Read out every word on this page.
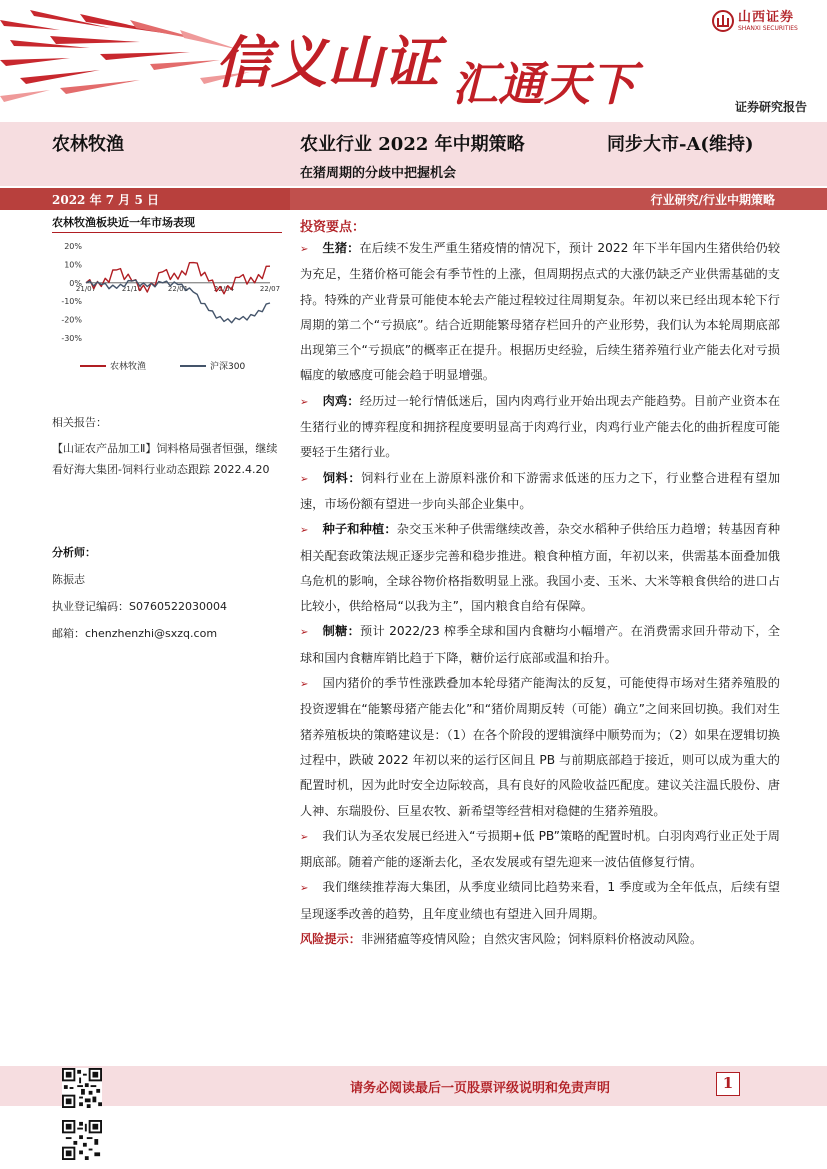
信义山证 汇通天下
山西证券
SHANXI SECURITIES
证券研究报告
农林牧渔	农业行业 2022 年中期策略	同步大市-A(维持)
在猪周期的分歧中把握机会
2022 年 7 月 5 日	行业研究/行业中期策略
农林牧渔板块近一年市场表现
20%
10%
0%
-10%
-20%
-30%
21/07	21/10	22/01	22/04	22/07
农林牧渔	沪深300
相关报告：
【山证农产品加工Ⅱ】饲料格局强者恒强，继续看好海大集团-饲料行业动态跟踪 2022.4.20
分析师：
陈振志
执业登记编码：S0760522030004
邮箱：chenzhenzhi@sxzq.com
投资要点：
➢ 生猪：在后续不发生严重生猪疫情的情况下，预计 2022 年下半年国内生猪供给仍较为充足，生猪价格可能会有季节性的上涨，但周期拐点式的大涨仍缺乏产业供需基础的支持。特殊的产业背景可能使本轮去产能过程较过往周期复杂。年初以来已经出现本轮下行周期的第二个“亏损底”。结合近期能繁母猪存栏回升的产业形势，我们认为本轮周期底部出现第三个“亏损底”的概率正在提升。根据历史经验，后续生猪养殖行业产能去化对亏损幅度的敏感度可能会趋于明显增强。
➢ 肉鸡：经历过一轮行情低迷后，国内肉鸡行业开始出现去产能趋势。目前产业资本在生猪行业的博弈程度和拥挤程度要明显高于肉鸡行业，肉鸡行业产能去化的曲折程度可能要轻于生猪行业。
➢ 饲料：饲料行业在上游原料涨价和下游需求低迷的压力之下，行业整合进程有望加速，市场份额有望进一步向头部企业集中。
➢ 种子和种植：杂交玉米种子供需继续改善，杂交水稻种子供给压力趋增；转基因育种相关配套政策法规正逐步完善和稳步推进。粮食种植方面，年初以来，供需基本面叠加俄乌危机的影响，全球谷物价格指数明显上涨。我国小麦、玉米、大米等粮食供给的进口占比较小，供给格局“以我为主”，国内粮食自给有保障。
➢ 制糖：预计 2022/23 榨季全球和国内食糖均小幅增产。在消费需求回升带动下，全球和国内食糖库销比趋于下降，糖价运行底部或温和抬升。
➢ 国内猪价的季节性涨跌叠加本轮母猪产能淘汰的反复，可能使得市场对生猪养殖股的投资逻辑在“能繁母猪产能去化”和“猪价周期反转（可能）确立”之间来回切换。我们对生猪养殖板块的策略建议是：（1）在各个阶段的逻辑演绎中顺势而为；（2）如果在逻辑切换过程中，跌破 2022 年初以来的运行区间且 PB 与前期底部趋于接近，则可以成为重大的配置时机，因为此时安全边际较高，具有良好的风险收益匹配度。建议关注温氏股份、唐人神、东瑞股份、巨星农牧、新希望等经营相对稳健的生猪养殖股。
➢ 我们认为圣农发展已经进入“亏损期+低 PB”策略的配置时机。白羽肉鸡行业正处于周期底部。随着产能的逐渐去化，圣农发展或有望先迎来一波估值修复行情。
➢ 我们继续推荐海大集团，从季度业绩同比趋势来看，1 季度或为全年低点，后续有望呈现逐季改善的趋势，且年度业绩也有望进入回升周期。
风险提示：非洲猪瘟等疫情风险；自然灾害风险；饲料原料价格波动风险。
请务必阅读最后一页股票评级说明和免责声明	1
